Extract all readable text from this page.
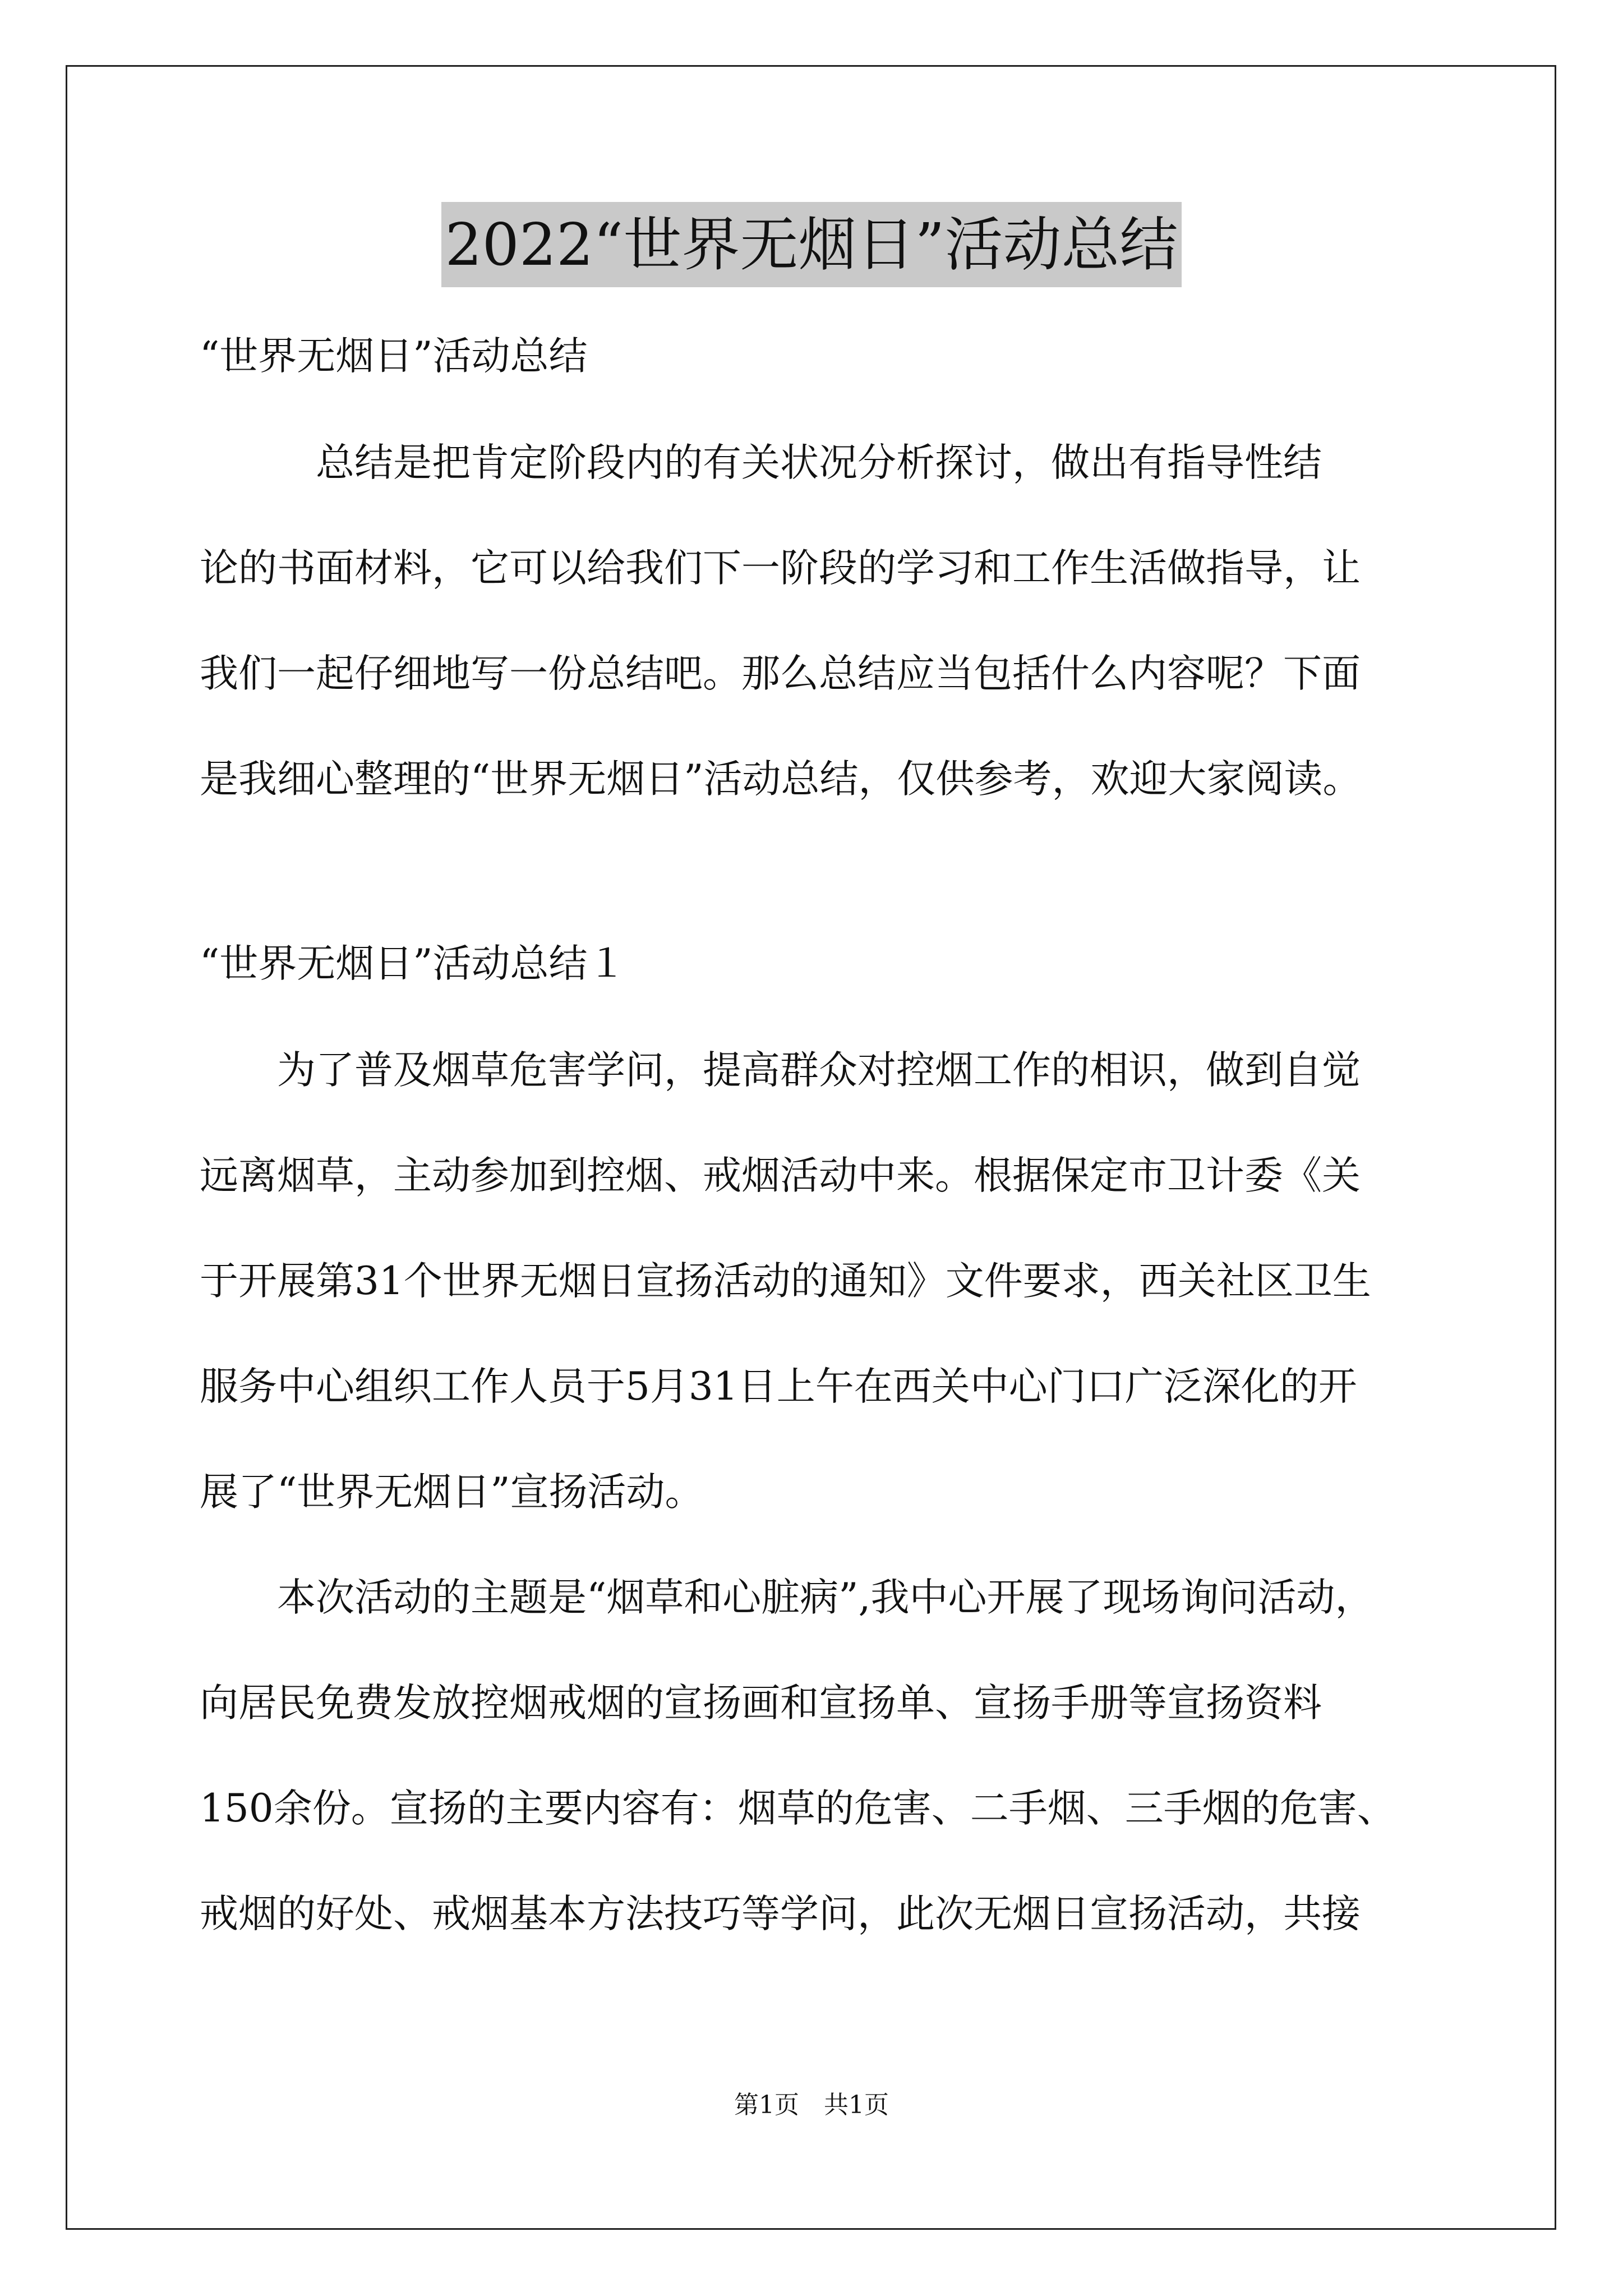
2022“世界无烟日”活动总结
“世界无烟日”活动总结
　　　总结是把肯定阶段内的有关状况分析探讨，做出有指导性结
论的书面材料，它可以给我们下一阶段的学习和工作生活做指导，让
我们一起仔细地写一份总结吧。那么总结应当包括什么内容呢？下面
是我细心整理的“世界无烟日”活动总结，仅供参考，欢迎大家阅读。
“世界无烟日”活动总结１
　　为了普及烟草危害学问，提高群众对控烟工作的相识，做到自觉
远离烟草，主动参加到控烟、戒烟活动中来。根据保定市卫计委《关
于开展第31个世界无烟日宣扬活动的通知》文件要求，西关社区卫生
服务中心组织工作人员于5月31日上午在西关中心门口广泛深化的开
展了“世界无烟日”宣扬活动。
　　本次活动的主题是“烟草和心脏病”,我中心开展了现场询问活动，
向居民免费发放控烟戒烟的宣扬画和宣扬单、宣扬手册等宣扬资料
150余份。宣扬的主要内容有：烟草的危害、二手烟、三手烟的危害、
戒烟的好处、戒烟基本方法技巧等学问，此次无烟日宣扬活动，共接
第1页　共1页
